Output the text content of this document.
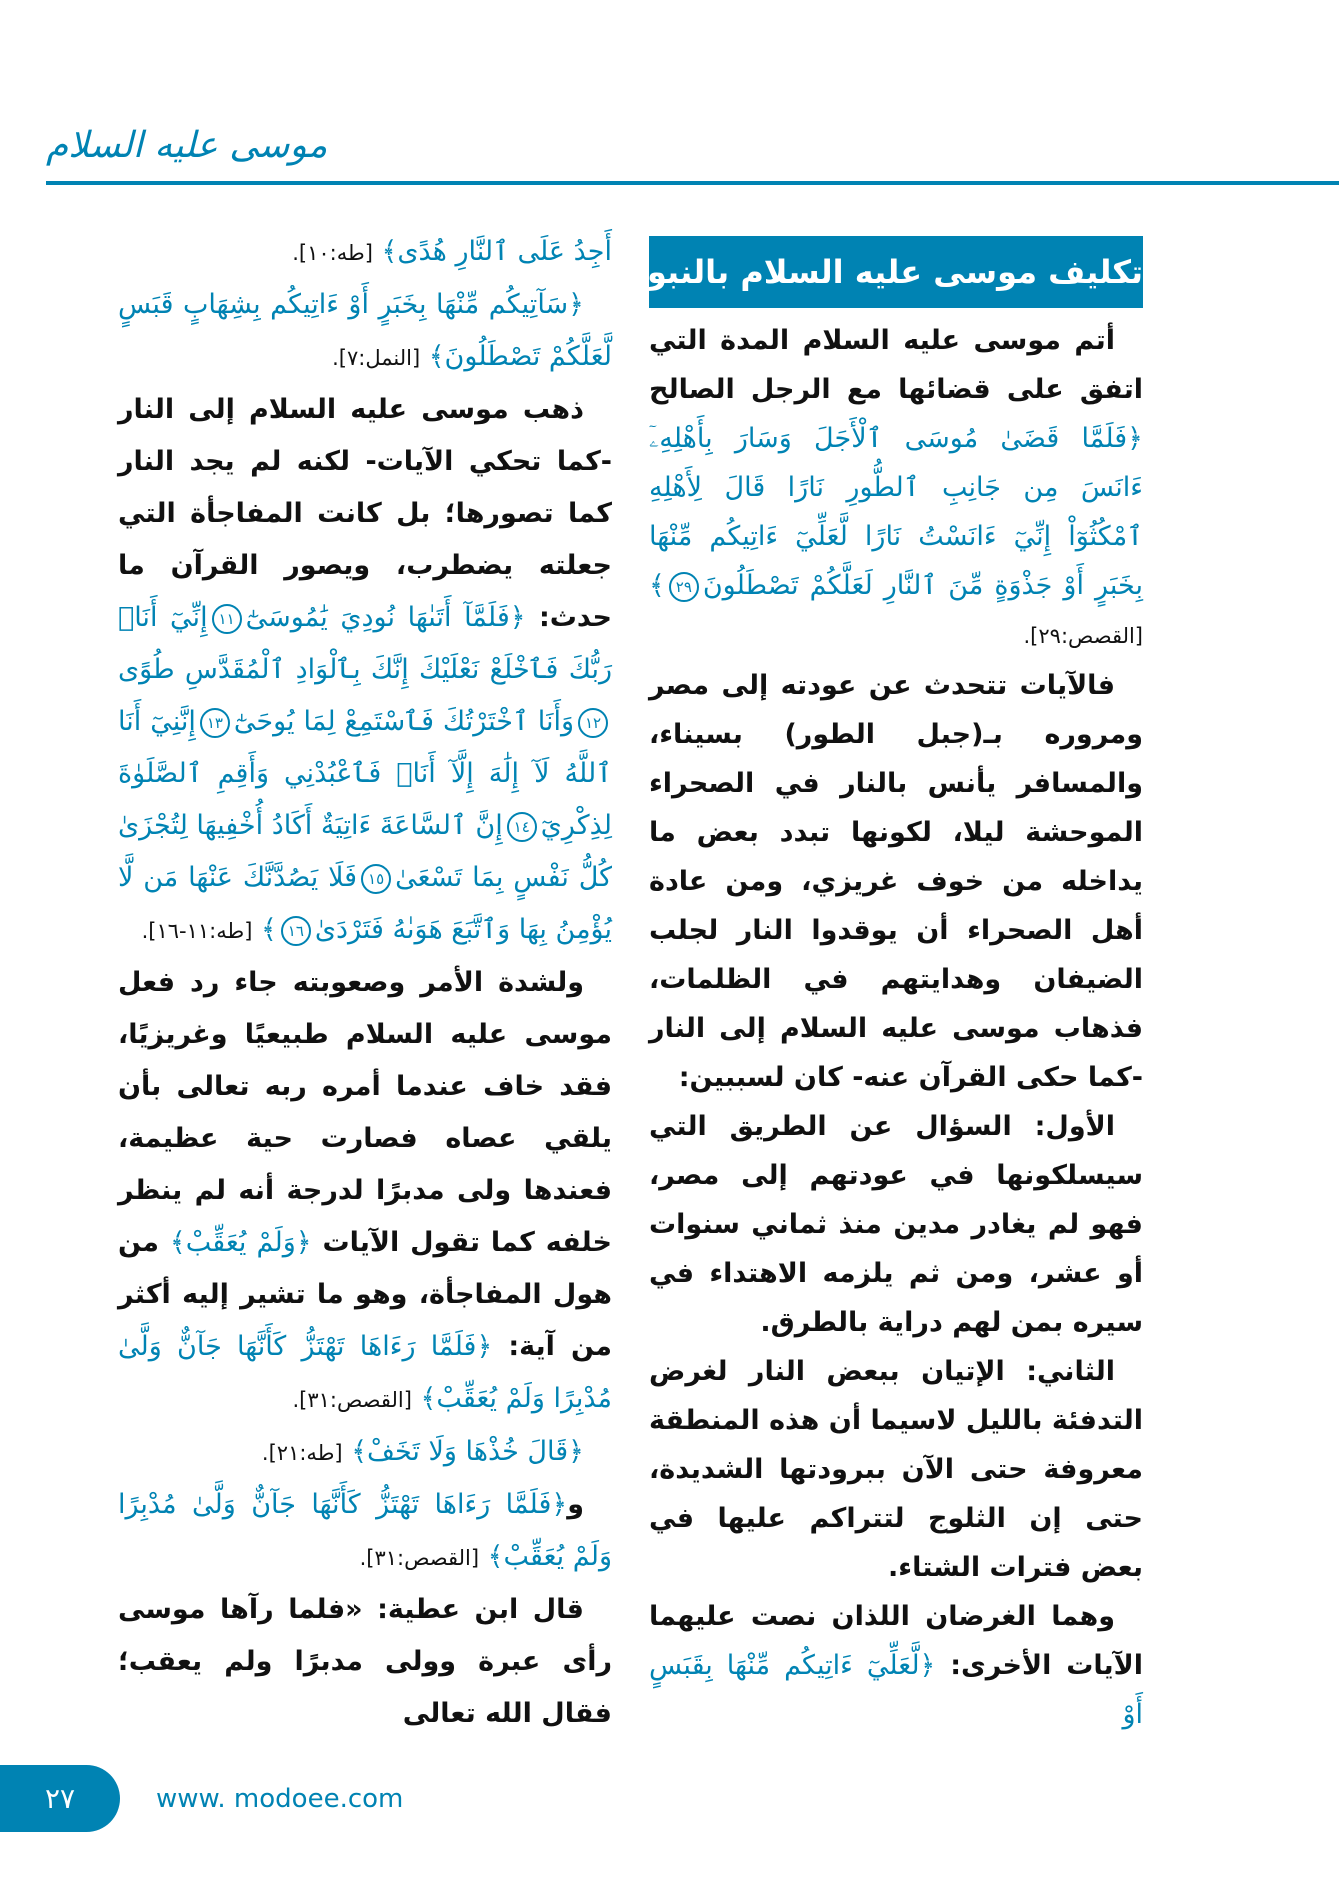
موسى عليه السلام
تكليف موسى عليه السلام بالنبوة

أتم موسى عليه السلام المدة التي اتفق على قضائها مع الرجل الصالح ﴿فَلَمَّا قَضَىٰ مُوسَى ٱلْأَجَلَ وَسَارَ بِأَهْلِهِۦٓ ءَانَسَ مِن جَانِبِ ٱلطُّورِ نَارًا قَالَ لِأَهْلِهِ ٱمْكُثُوٓاْ إِنِّيٓ ءَانَسْتُ نَارًا لَّعَلِّيٓ ءَاتِيكُم مِّنْهَا بِخَبَرٍ أَوْ جَذْوَةٍ مِّنَ ٱلنَّارِ لَعَلَّكُمْ تَصْطَلُونَ٢٩﴾ [القصص:٢٩].

فالآيات تتحدث عن عودته إلى مصر ومروره بـ(جبل الطور) بسيناء، والمسافر يأنس بالنار في الصحراء الموحشة ليلا، لكونها تبدد بعض ما يداخله من خوف غريزي، ومن عادة أهل الصحراء أن يوقدوا النار لجلب الضيفان وهدايتهم في الظلمات، فذهاب موسى عليه السلام إلى النار -كما حكى القرآن عنه- كان لسببين:

الأول: السؤال عن الطريق التي سيسلكونها في عودتهم إلى مصر، فهو لم يغادر مدين منذ ثماني سنوات أو عشر، ومن ثم يلزمه الاهتداء في سيره بمن لهم دراية بالطرق.

الثاني: الإتيان ببعض النار لغرض التدفئة بالليل لاسيما أن هذه المنطقة معروفة حتى الآن ببرودتها الشديدة، حتى إن الثلوج لتتراكم عليها في بعض فترات الشتاء.

وهما الغرضان اللذان نصت عليهما الآيات الأخرى: ﴿لَّعَلِّيٓ ءَاتِيكُم مِّنْهَا بِقَبَسٍ أَوْ

أَجِدُ عَلَى ٱلنَّارِ هُدًى﴾ [طه:١٠].

﴿سَآتِيكُم مِّنْهَا بِخَبَرٍ أَوْ ءَاتِيكُم بِشِهَابٍ قَبَسٍ لَّعَلَّكُمْ تَصْطَلُونَ﴾ [النمل:٧].

ذهب موسى عليه السلام إلى النار -كما تحكي الآيات- لكنه لم يجد النار كما تصورها؛ بل كانت المفاجأة التي جعلته يضطرب، ويصور القرآن ما حدث: ﴿فَلَمَّآ أَتَىٰهَا نُودِيَ يَٰمُوسَىٰٓ١١إِنِّيٓ أَنَا۠ رَبُّكَ فَٱخْلَعْ نَعْلَيْكَ إِنَّكَ بِٱلْوَادِ ٱلْمُقَدَّسِ طُوًى١٢وَأَنَا ٱخْتَرْتُكَ فَٱسْتَمِعْ لِمَا يُوحَىٰٓ١٣إِنَّنِيٓ أَنَا ٱللَّهُ لَآ إِلَٰهَ إِلَّآ أَنَا۠ فَٱعْبُدْنِي وَأَقِمِ ٱلصَّلَوٰةَ لِذِكْرِيٓ١٤إِنَّ ٱلسَّاعَةَ ءَاتِيَةٌ أَكَادُ أُخْفِيهَا لِتُجْزَىٰ كُلُّ نَفْسٍ بِمَا تَسْعَىٰ١٥فَلَا يَصُدَّنَّكَ عَنْهَا مَن لَّا يُؤْمِنُ بِهَا وَٱتَّبَعَ هَوَىٰهُ فَتَرْدَىٰ١٦﴾ [طه:١١-١٦].

ولشدة الأمر وصعوبته جاء رد فعل موسى عليه السلام طبيعيًا وغريزيًا، فقد خاف عندما أمره ربه تعالى بأن يلقي عصاه فصارت حية عظيمة، فعندها ولى مدبرًا لدرجة أنه لم ينظر خلفه كما تقول الآيات ﴿وَلَمْ يُعَقِّبْ﴾ من هول المفاجأة، وهو ما تشير إليه أكثر من آية: ﴿فَلَمَّا رَءَاهَا تَهْتَزُّ كَأَنَّهَا جَآنٌّ وَلَّىٰ مُدْبِرًا وَلَمْ يُعَقِّبْ﴾ [القصص:٣١].

﴿قَالَ خُذْهَا وَلَا تَخَفْ﴾ [طه:٢١].

و﴿فَلَمَّا رَءَاهَا تَهْتَزُّ كَأَنَّهَا جَآنٌّ وَلَّىٰ مُدْبِرًا وَلَمْ يُعَقِّبْ﴾ [القصص:٣١].

قال ابن عطية: «فلما رآها موسى رأى عبرة وولى مدبرًا ولم يعقب؛ فقال الله تعالى

٢٧	www. modoee.com
